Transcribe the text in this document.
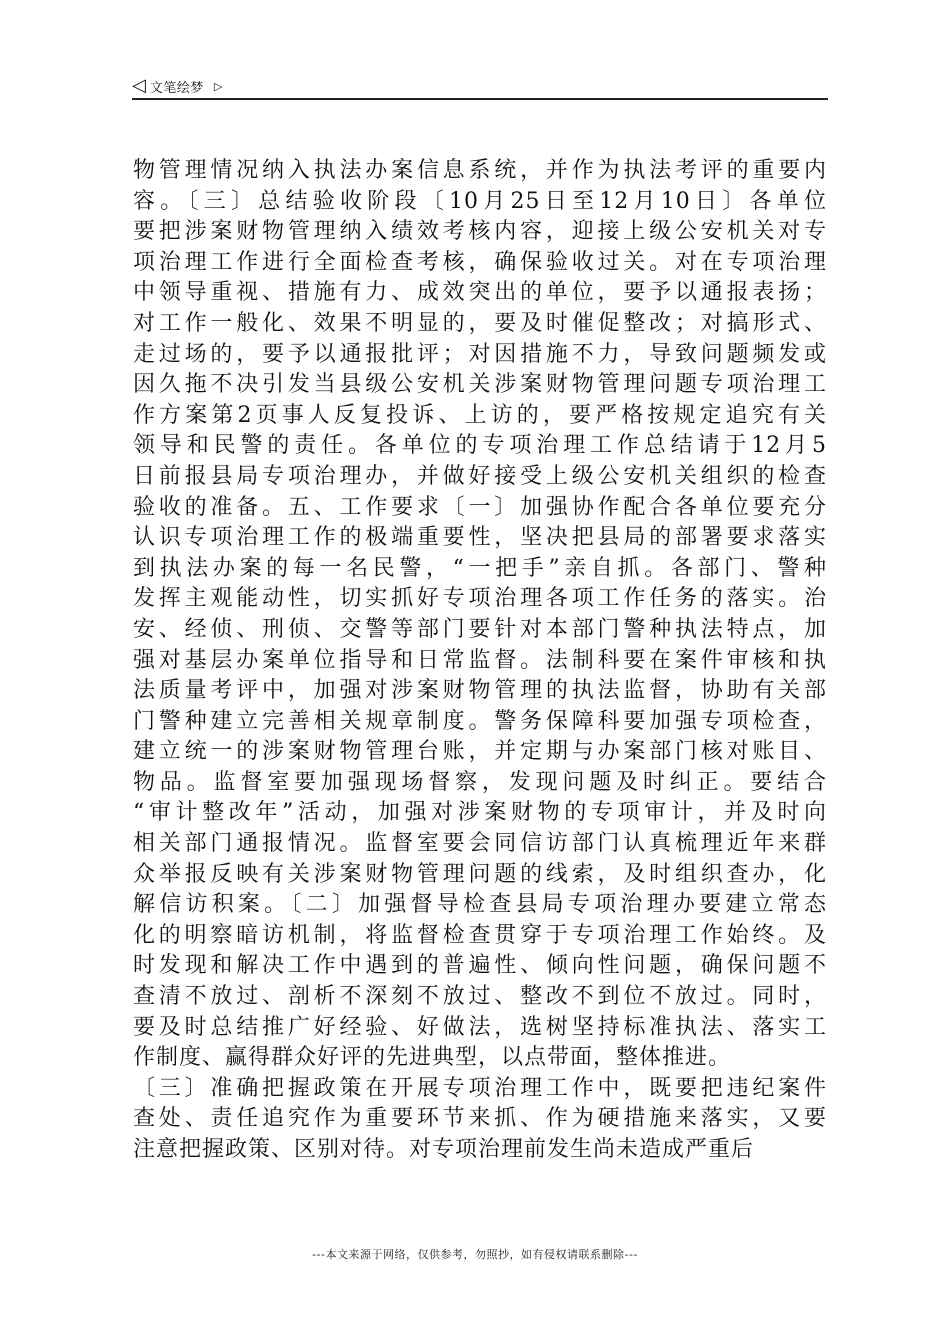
◁ 文笔绘梦 ▷
物管理情况纳入执法办案信息系统，并作为执法考评的重要内
容。〔三〕总结验收阶段〔10月25日至12月10日〕各单位
要把涉案财物管理纳入绩效考核内容，迎接上级公安机关对专
项治理工作进行全面检查考核，确保验收过关。对在专项治理
中领导重视、措施有力、成效突出的单位，要予以通报表扬；
对工作一般化、效果不明显的，要及时催促整改；对搞形式、
走过场的，要予以通报批评；对因措施不力，导致问题频发或
因久拖不决引发当县级公安机关涉案财物管理问题专项治理工
作方案第2页事人反复投诉、上访的，要严格按规定追究有关
领导和民警的责任。各单位的专项治理工作总结请于12月5
日前报县局专项治理办，并做好接受上级公安机关组织的检查
验收的准备。五、工作要求〔一〕加强协作配合各单位要充分
认识专项治理工作的极端重要性，坚决把县局的部署要求落实
到执法办案的每一名民警，“一把手”亲自抓。各部门、警种
发挥主观能动性，切实抓好专项治理各项工作任务的落实。治
安、经侦、刑侦、交警等部门要针对本部门警种执法特点，加
强对基层办案单位指导和日常监督。法制科要在案件审核和执
法质量考评中，加强对涉案财物管理的执法监督，协助有关部
门警种建立完善相关规章制度。警务保障科要加强专项检查，
建立统一的涉案财物管理台账，并定期与办案部门核对账目、
物品。监督室要加强现场督察，发现问题及时纠正。要结合
“审计整改年”活动，加强对涉案财物的专项审计，并及时向
相关部门通报情况。监督室要会同信访部门认真梳理近年来群
众举报反映有关涉案财物管理问题的线索，及时组织查办，化
解信访积案。〔二〕加强督导检查县局专项治理办要建立常态
化的明察暗访机制，将监督检查贯穿于专项治理工作始终。及
时发现和解决工作中遇到的普遍性、倾向性问题，确保问题不
查清不放过、剖析不深刻不放过、整改不到位不放过。同时，
要及时总结推广好经验、好做法，选树坚持标准执法、落实工
作制度、赢得群众好评的先进典型，以点带面，整体推进。
〔三〕准确把握政策在开展专项治理工作中，既要把违纪案件
查处、责任追究作为重要环节来抓、作为硬措施来落实，又要
注意把握政策、区别对待。对专项治理前发生尚未造成严重后
---本文来源于网络，仅供参考，勿照抄，如有侵权请联系删除---
